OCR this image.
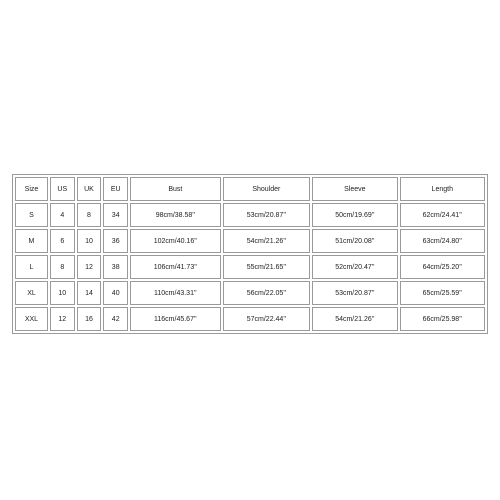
Size	US	UK	EU	Bust	Shoulder	Sleeve	Length
S	4	8	34	98cm/38.58''	53cm/20.87''	50cm/19.69''	62cm/24.41''
M	6	10	36	102cm/40.16''	54cm/21.26''	51cm/20.08''	63cm/24.80''
L	8	12	38	106cm/41.73''	55cm/21.65''	52cm/20.47''	64cm/25.20''
XL	10	14	40	110cm/43.31''	56cm/22.05''	53cm/20.87''	65cm/25.59''
XXL	12	16	42	116cm/45.67''	57cm/22.44''	54cm/21.26''	66cm/25.98''
